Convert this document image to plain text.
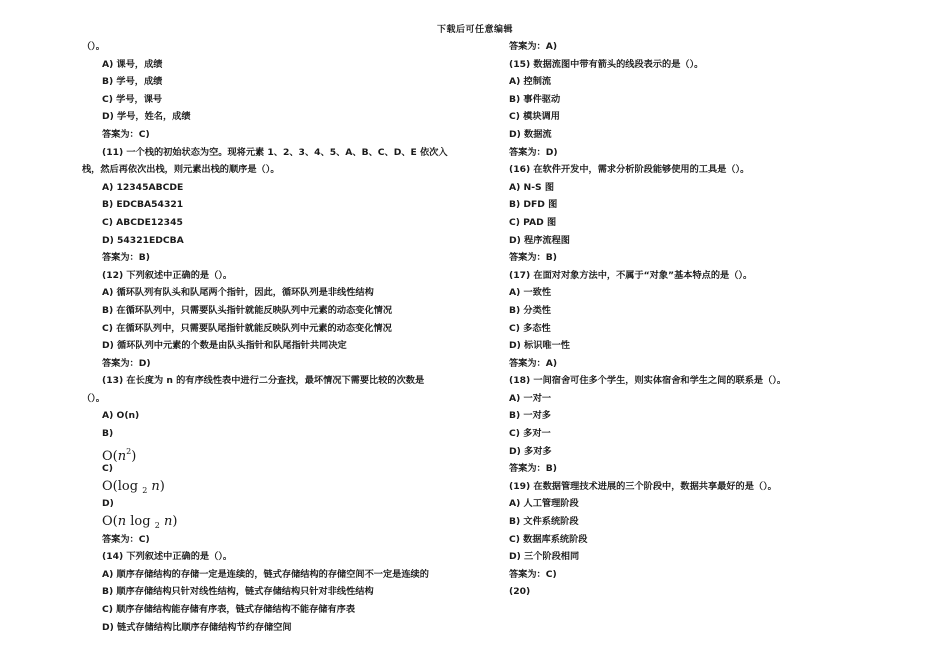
下载后可任意编辑
（）。
A) 课号，成绩
B) 学号，成绩
C) 学号，课号
D) 学号，姓名，成绩
答案为：C)
(11) 一个栈的初始状态为空。现将元素 1、2、3、4、5、A、B、C、D、E 依次入
栈，然后再依次出栈，则元素出栈的顺序是（）。
A) 12345ABCDE
B) EDCBA54321
C) ABCDE12345
D) 54321EDCBA
答案为：B)
(12) 下列叙述中正确的是（）。
A) 循环队列有队头和队尾两个指针，因此，循环队列是非线性结构
B) 在循环队列中，只需要队头指针就能反映队列中元素的动态变化情况
C) 在循环队列中，只需要队尾指针就能反映队列中元素的动态变化情况
D) 循环队列中元素的个数是由队头指针和队尾指针共同决定
答案为：D)
(13) 在长度为 n 的有序线性表中进行二分查找，最坏情况下需要比较的次数是
（）。
A) O(n)
B)
$O(n^2)$
C)
O(log $_2$ n)
D)
O(n log $_2$ n)
答案为：C)
(14) 下列叙述中正确的是（）。
A) 顺序存储结构的存储一定是连续的，链式存储结构的存储空间不一定是连续的
B) 顺序存储结构只针对线性结构，链式存储结构只针对非线性结构
C) 顺序存储结构能存储有序表，链式存储结构不能存储有序表
D) 链式存储结构比顺序存储结构节约存储空间
答案为：A)
(15) 数据流图中带有箭头的线段表示的是（）。
A) 控制流
B) 事件驱动
C) 模块调用
D) 数据流
答案为：D)
(16) 在软件开发中，需求分析阶段能够使用的工具是（）。
A) N-S 图
B) DFD 图
C) PAD 图
D) 程序流程图
答案为：B)
(17) 在面对对象方法中，不属于“对象”基本特点的是（）。
A) 一致性
B) 分类性
C) 多态性
D) 标识唯一性
答案为：A)
(18) 一间宿舍可住多个学生，则实体宿舍和学生之间的联系是（）。
A) 一对一
B) 一对多
C) 多对一
D) 多对多
答案为：B)
(19) 在数据管理技术进展的三个阶段中，数据共享最好的是（）。
A) 人工管理阶段
B) 文件系统阶段
C) 数据库系统阶段
D) 三个阶段相同
答案为：C)
(20)
